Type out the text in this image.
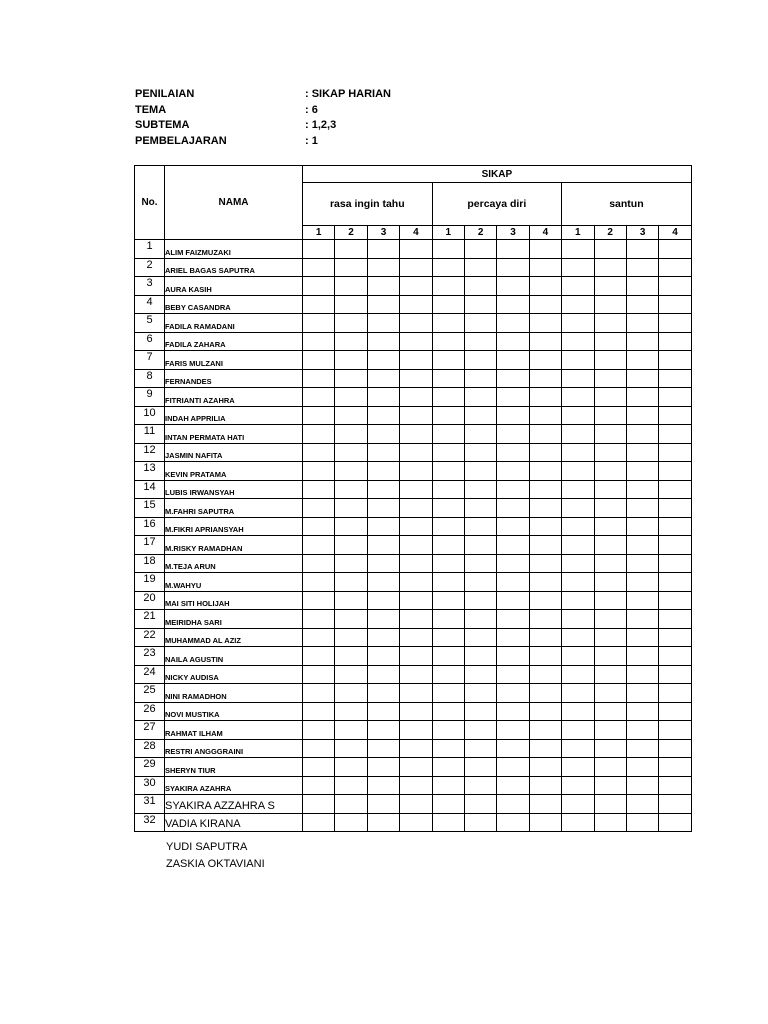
PENILAIAN	: SIKAP HARIAN
TEMA	: 6
SUBTEMA	: 1,2,3
PEMBELAJARAN	: 1
No.	NAMA	SIKAP											
		rasa ingin tahu				percaya diri				santun			
		1	2	3	4	1	2	3	4	1	2	3	4
1	ALIM FAIZMUZAKI												
2	ARIEL BAGAS SAPUTRA												
3	AURA KASIH												
4	BEBY CASANDRA												
5	FADILA RAMADANI												
6	FADILA ZAHARA												
7	FARIS MULZANI												
8	FERNANDES												
9	FITRIANTI AZAHRA												
10	INDAH APPRILIA												
11	INTAN PERMATA HATI												
12	JASMIN NAFITA												
13	KEVIN PRATAMA												
14	LUBIS IRWANSYAH												
15	M.FAHRI SAPUTRA												
16	M.FIKRI APRIANSYAH												
17	M.RISKY RAMADHAN												
18	M.TEJA ARUN												
19	M.WAHYU												
20	MAI SITI HOLIJAH												
21	MEIRIDHA SARI												
22	MUHAMMAD AL AZIZ												
23	NAILA AGUSTIN												
24	NICKY AUDISA												
25	NINI RAMADHON												
26	NOVI MUSTIKA												
27	RAHMAT ILHAM												
28	RESTRI ANGGGRAINI												
29	SHERYN TIUR												
30	SYAKIRA AZAHRA												
31	SYAKIRA AZZAHRA S												
32	VADIA KIRANA												
YUDI SAPUTRA
ZASKIA OKTAVIANI
